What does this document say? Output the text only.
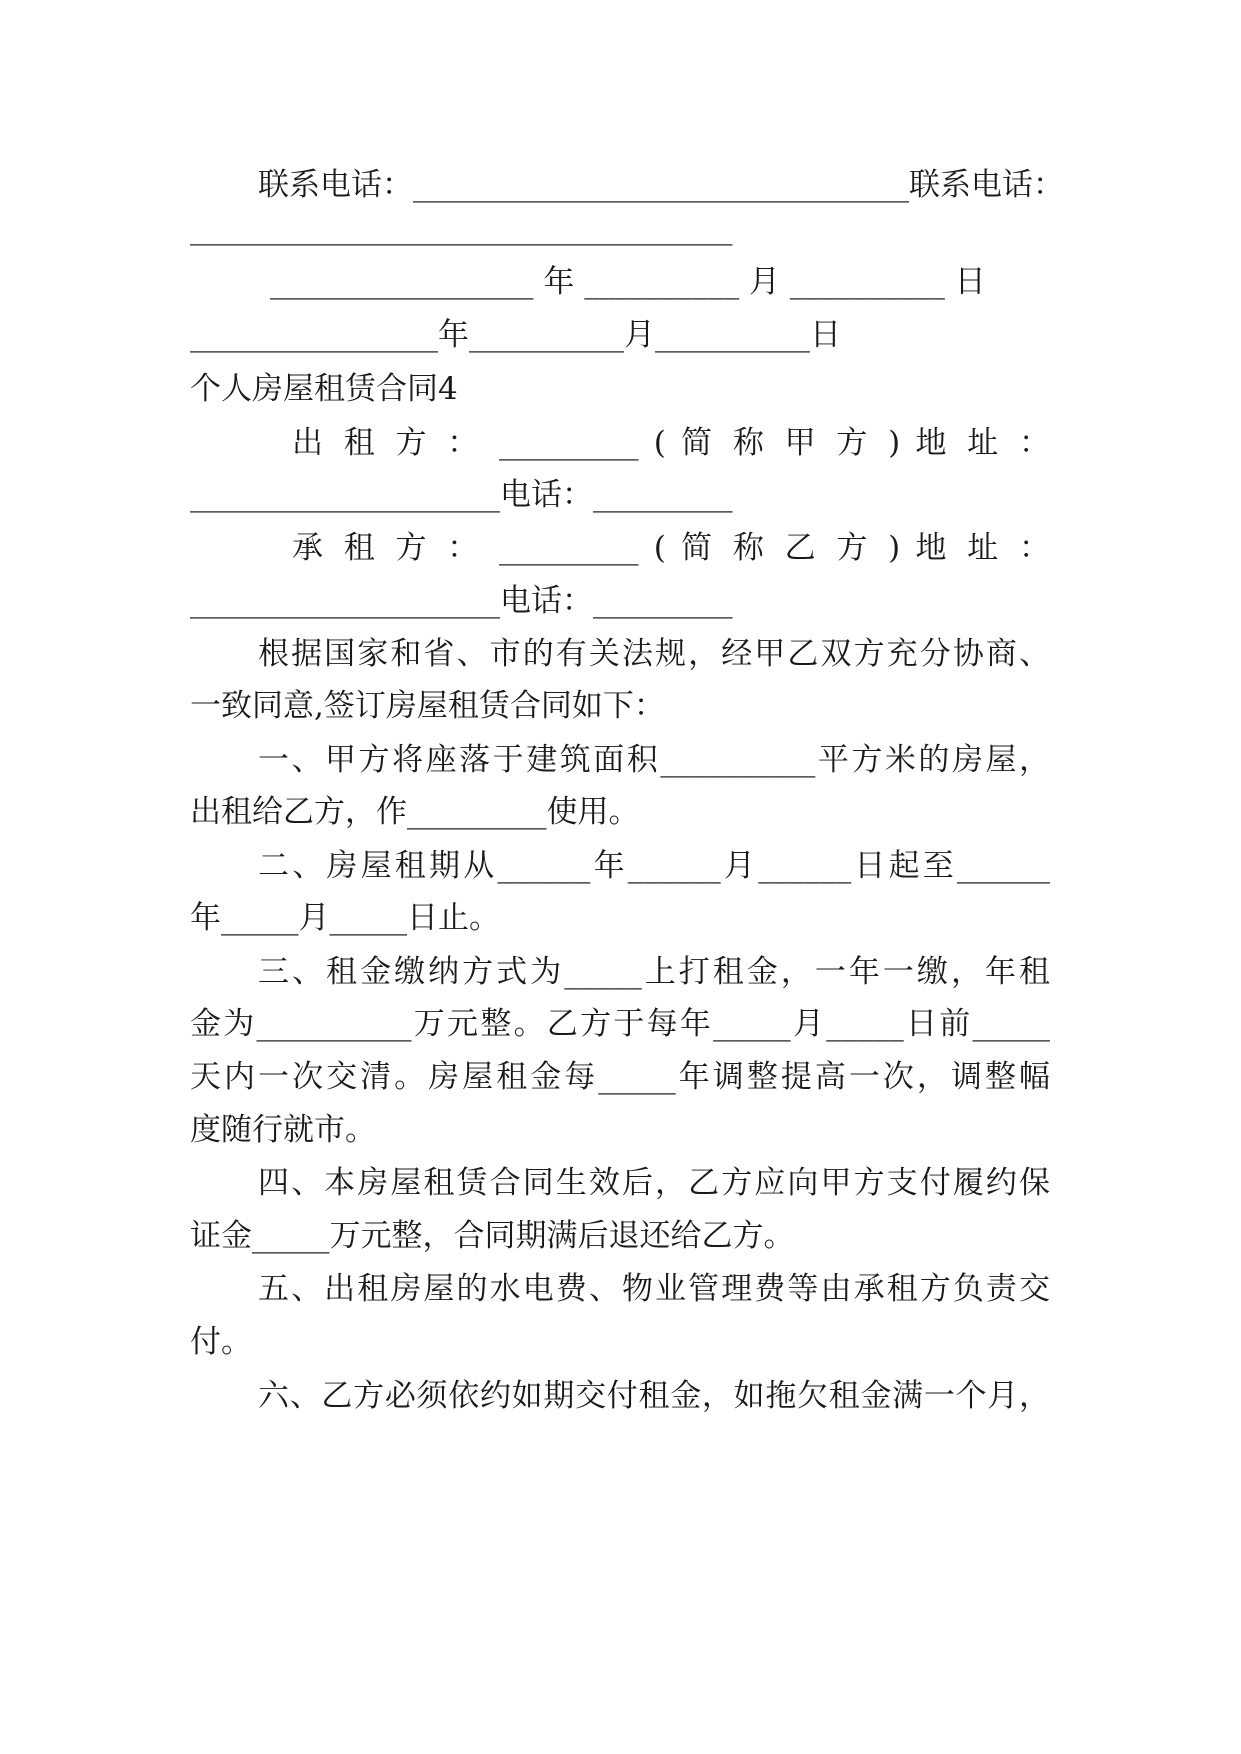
联系电话：________________________________联系电话：
___________________________________
_________________ 年 __________ 月 __________ 日
________________年__________月__________日
个人房屋租赁合同4
出 租 方 ： _________ ( 简 称 甲 方 ) 地 址 ：
____________________电话：_________
承 租 方 ： _________ ( 简 称 乙 方 ) 地 址 ：
____________________电话：_________
根据国家和省、市的有关法规，经甲乙双方充分协商、
一致同意,签订房屋租赁合同如下：
一、甲方将座落于建筑面积__________平方米的房屋，
出租给乙方，作_________使用。
二、房屋租期从______年______月______日起至______
年_____月_____日止。
三、租金缴纳方式为_____上打租金，一年一缴，年租
金为__________万元整。乙方于每年_____月_____日前_____
天内一次交清。房屋租金每_____年调整提高一次，调整幅
度随行就市。
四、本房屋租赁合同生效后，乙方应向甲方支付履约保
证金_____万元整，合同期满后退还给乙方。
五、出租房屋的水电费、物业管理费等由承租方负责交
付。
六、乙方必须依约如期交付租金，如拖欠租金满一个月，
